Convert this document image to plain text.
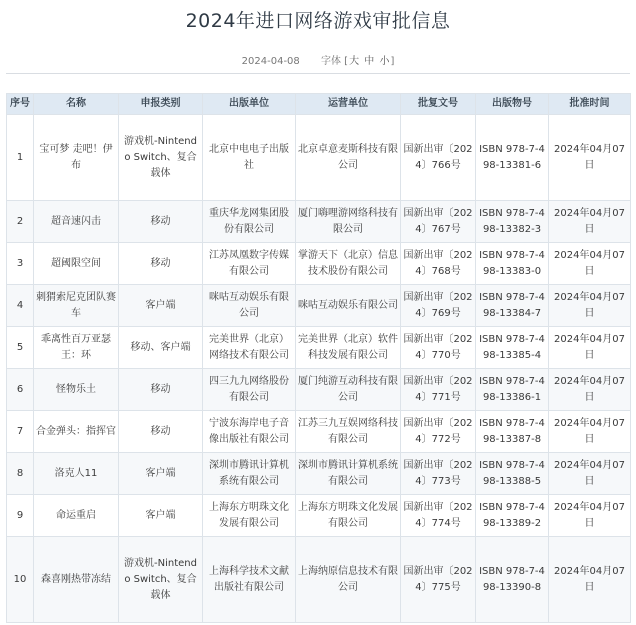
2024年进口网络游戏审批信息
2024-04-08 字体 [大 中 小]
序号	名称	申报类别	出版单位	运营单位	批复文号	出版物号	批准时间

1	宝可梦 走吧！伊布	游戏机-Nintendo Switch、复合载体	北京中电电子出版社	北京卓意麦斯科技有限公司	国新出审〔2024〕766号	ISBN 978-7-498-13381-6	2024年04月07日

2	超音速闪击	移动	重庆华龙网集团股份有限公司	厦门嗨哩游网络科技有限公司	国新出审〔2024〕767号	ISBN 978-7-498-13382-3	2024年04月07日

3	超阈限空间	移动	江苏凤凰数字传媒有限公司	掌游天下（北京）信息技术股份有限公司	国新出审〔2024〕768号	ISBN 978-7-498-13383-0	2024年04月07日

4	刺猬索尼克团队赛车	客户端	咪咕互动娱乐有限公司	咪咕互动娱乐有限公司	国新出审〔2024〕769号	ISBN 978-7-498-13384-7	2024年04月07日

5	乖离性百万亚瑟王：环	移动、客户端	完美世界（北京）网络技术有限公司	完美世界（北京）软件科技发展有限公司	国新出审〔2024〕770号	ISBN 978-7-498-13385-4	2024年04月07日

6	怪物乐土	移动	四三九九网络股份有限公司	厦门纯游互动科技有限公司	国新出审〔2024〕771号	ISBN 978-7-498-13386-1	2024年04月07日

7	合金弹头：指挥官	移动	宁波东海岸电子音像出版社有限公司	江苏三九互娱网络科技有限公司	国新出审〔2024〕772号	ISBN 978-7-498-13387-8	2024年04月07日

8	洛克人11	客户端	深圳市腾讯计算机系统有限公司	深圳市腾讯计算机系统有限公司	国新出审〔2024〕773号	ISBN 978-7-498-13388-5	2024年04月07日

9	命运重启	客户端	上海东方明珠文化发展有限公司	上海东方明珠文化发展有限公司	国新出审〔2024〕774号	ISBN 978-7-498-13389-2	2024年04月07日

10	森喜刚热带冻结	游戏机-Nintendo Switch、复合载体	上海科学技术文献出版社有限公司	上海纳原信息技术有限公司	国新出审〔2024〕775号	ISBN 978-7-498-13390-8	2024年04月07日
